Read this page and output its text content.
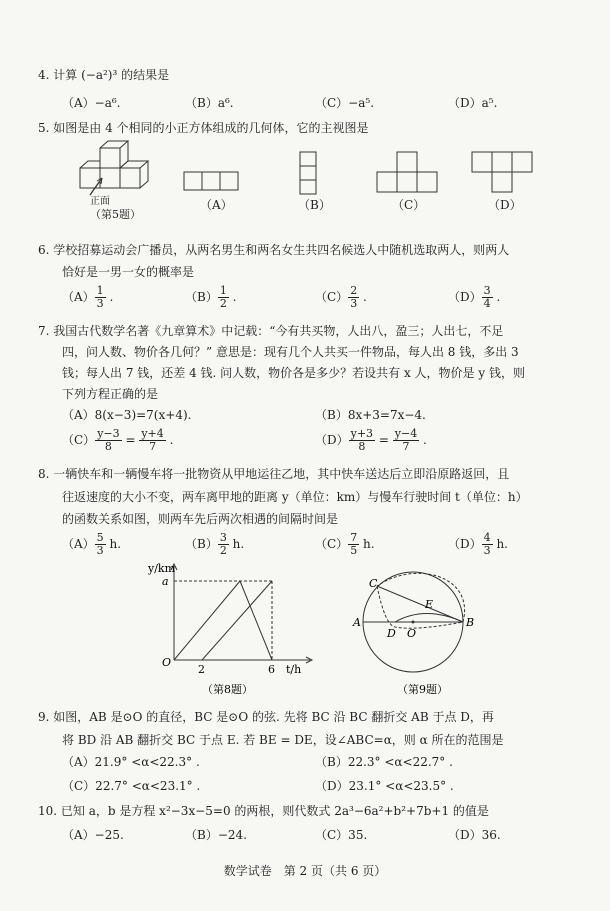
4. 计算 (−a²)³ 的结果是
（A）−a⁶.	（B）a⁶.	（C）−a⁵.	（D）a⁵.
5. 如图是由 4 个相同的小正方体组成的几何体，它的主视图是
正面
（第5题）
（A）	（B）	（C）	（D）
6. 学校招募运动会广播员，从两名男生和两名女生共四名候选人中随机选取两人，则两人
恰好是一男一女的概率是
$(A) \frac{1}{3}$ .	$(B) \frac{1}{2}$ .	$(C) \frac{2}{3}$ .	$(D) \frac{3}{4}$ .
7. 我国古代数学名著《九章算术》中记载：“今有共买物，人出八，盈三；人出七，不足
四，问人数、物价各几何？” 意思是：现有几个人共买一件物品，每人出 8 钱，多出 3
钱；每人出 7 钱，还差 4 钱. 问人数，物价各是多少？若设共有 x 人，物价是 y 钱，则
下列方程正确的是
（A）8(x−3)=7(x+4).	（B）8x+3=7x−4.
$(C) \frac{y-3}{8} = \frac{y+4}{7}$ .	$(D) \frac{y+3}{8} = \frac{y-4}{7}$ .
8. 一辆快车和一辆慢车将一批物资从甲地运往乙地，其中快车送达后立即沿原路返回，且
往返速度的大小不变，两车离甲地的距离 y（单位：km）与慢车行驶时间 t（单位：h）
的函数关系如图，则两车先后两次相遇的间隔时间是
$(A) \frac{5}{3} h$.	$(B) \frac{3}{2} h$.	$(C) \frac{7}{5} h$.	$(D) \frac{4}{3} h$.
y/km
a
O
2	6 t/h
（第8题）
C
E
A
D O
B
（第9题）
9. 如图，AB 是⊙O 的直径，BC 是⊙O 的弦. 先将 BC 沿 BC 翻折交 AB 于点 D，再
将 BD 沿 AB 翻折交 BC 于点 E. 若 BE = DE，设∠ABC=α，则 α 所在的范围是
（A）21.9° <α<22.3° .	（B）22.3° <α<22.7° .
（C）22.7° <α<23.1° .	（D）23.1° <α<23.5° .
10. 已知 a，b 是方程 x²−3x−5=0 的两根，则代数式 2a³−6a²+b²+7b+1 的值是
（A）−25.	（B）−24.	（C）35.	（D）36.
数学试卷　第 2 页（共 6 页）
